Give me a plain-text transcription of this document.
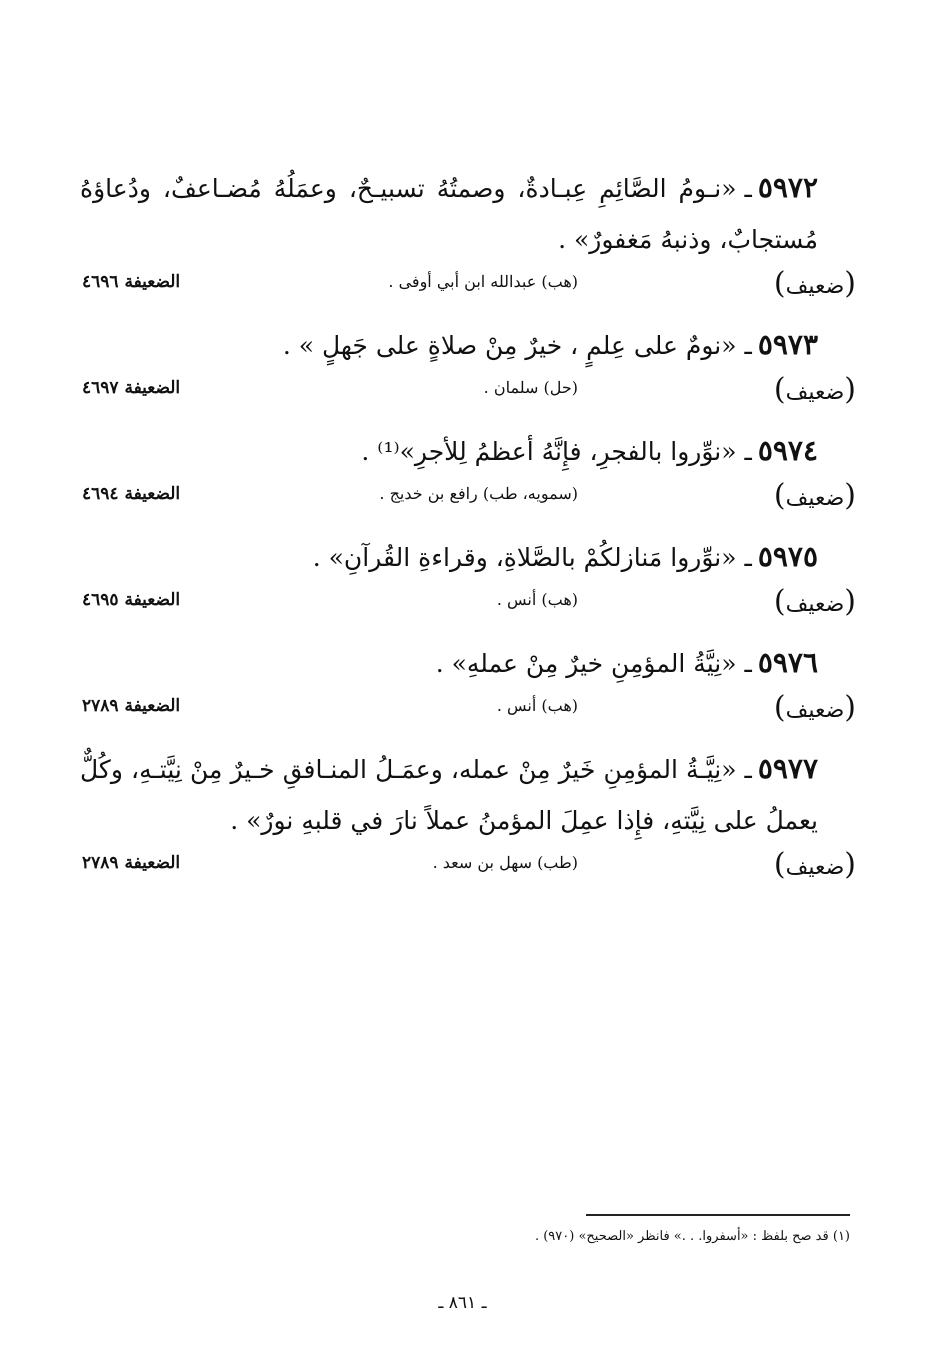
٥٩٧٢ـ«نـومُ الصَّائِمِ عِبـادةٌ، وصمتُهُ تسبيـحٌ، وعمَلُهُ مُضـاعفٌ، ودُعاؤهُ مُستجابٌ، وذنبهُ مَغفورٌ» .

(ضعيف)
(هب) عبدالله ابن أبي أوفى .
الضعيفة ٤٦٩٦

٥٩٧٣ـ«نومٌ على عِلمٍ ، خيرٌ مِنْ صلاةٍ على جَهلٍ » .

(ضعيف)
(حل) سلمان .
الضعيفة ٤٦٩٧

٥٩٧٤ـ«نوِّروا بالفجرِ، فإِنَّهُ أعظمُ لِلأجرِ»⁽¹⁾ .

(ضعيف)
(سمويه، طب) رافع بن خديج .
الضعيفة ٤٦٩٤

٥٩٧٥ـ«نوِّروا مَنازلكُمْ بالصَّلاةِ، وقراءةِ القُرآنِ» .

(ضعيف)
(هب) أنس .
الضعيفة ٤٦٩٥

٥٩٧٦ـ«نِيَّةُ المؤمِنِ خيرٌ مِنْ عملهِ» .

(ضعيف)
(هب) أنس .
الضعيفة ٢٧٨٩

٥٩٧٧ـ«نِيَّـةُ المؤمِنِ خَيرٌ مِنْ عمله، وعمَـلُ المنـافقِ خـيرٌ مِنْ نِيَّتـهِ، وكُلٌّ يعملُ على نِيَّتهِ، فإِذا عمِلَ المؤمنُ عملاً نارَ في قلبهِ نورٌ» .

(ضعيف)
(طب) سهل بن سعد .
الضعيفة ٢٧٨٩
(١) قد صح بلفظ : «أسفروا. . .» فانظر «الصحيح» (٩٧٠) .
ـ ٨٦١ ـ
